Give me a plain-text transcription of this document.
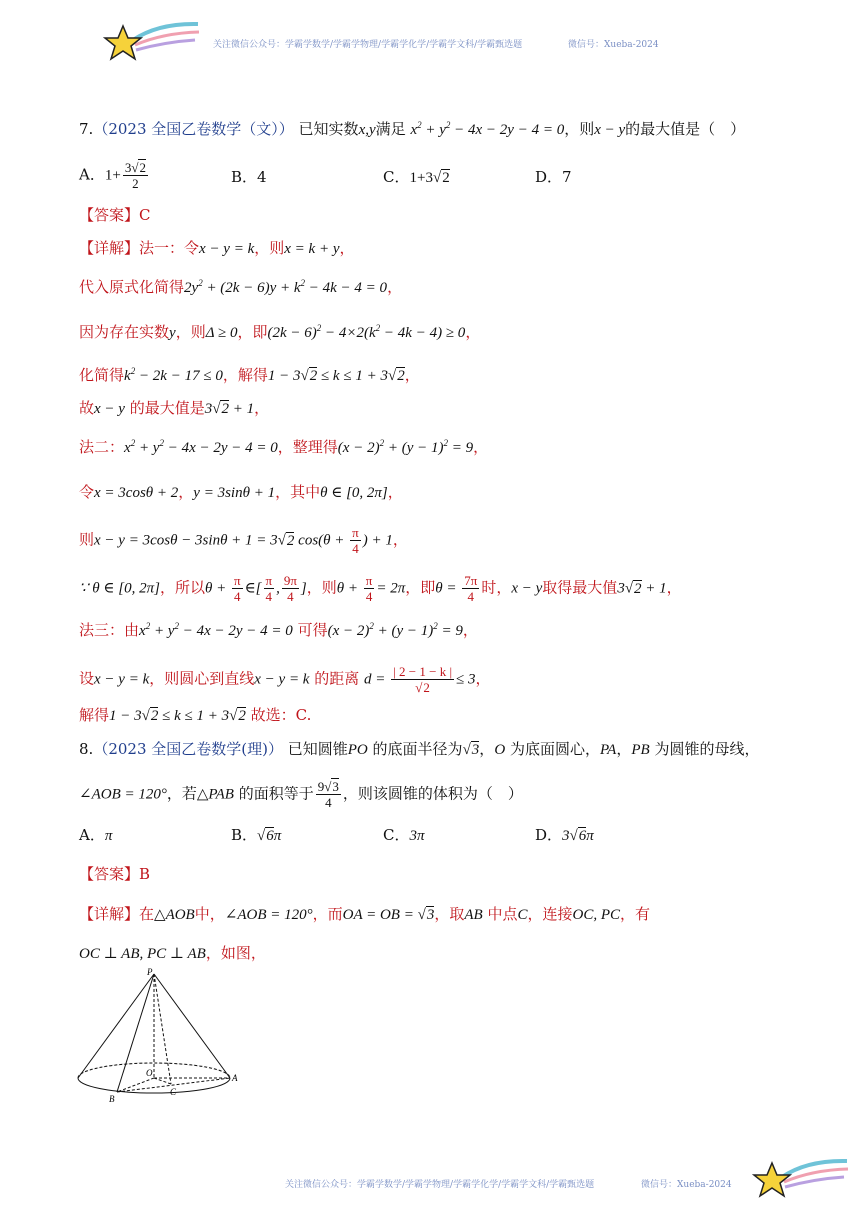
关注微信公众号：学霸学数学/学霸学物理/学霸学化学/学霸学文科/学霸甄选题	微信号：Xueba-2024
7.（2023 全国乙卷数学（文）） 已知实数x,y满足 $x^2 + y^2 - 4x - 2y - 4 = 0$，则x − y的最大值是（　）
A．$1+ \frac{3√2}{2}$	B．4	C．1+3√2	D．7
【答案】C
【详解】法一：令x − y = k，则x = k + y，
代入原式化简得$2y^2 + (2k - 6)y + k^2 - 4k - 4 = 0$，
因为存在实数y，则Δ ≥ 0，即$(2k - 6)^2 - 4\times 2(k^2 - 4k - 4) \ge 0$，
化简得$k^2 - 2k - 17 \le 0$，解得1 − 3√2 ≤ k ≤ 1 + 3√2，
故x − y 的最大值是3√2 + 1，
法二：$x^2 + y^2 - 4x - 2y - 4 = 0$，整理得$(x - 2)^2 + (y - 1)^2 = 9$，
令x = 3cosθ + 2，y = 3sinθ + 1，其中θ ∈ [0, 2π]，
则x − y = 3cosθ − 3sinθ + 1 = 3√2 $\cos(\theta + \frac{\pi}{4}$ ) + 1，
∵ θ ∈ [0, 2π]，所以$\theta + \frac{\pi}{4}$ ∈[ $\frac{\pi}{4}$ , $\frac{9\pi}{4}$ ]，则$\theta + \frac{\pi}{4} = 2\pi$，即$\theta = \frac{7\pi}{4}$ 时，x − y取得最大值3√2 + 1，
法三：由$x^2 + y^2 - 4x - 2y - 4 = 0$ 可得$(x - 2)^2 + (y - 1)^2 = 9$，
设x − y = k，则圆心到直线x − y = k 的距离 $d = \frac{| 2 - 1 - k |}{√2} \le 3$，
解得1 − 3√2 ≤ k ≤ 1 + 3√2 故选：C.
8.（2023 全国乙卷数学(理)） 已知圆锥PO 的底面半径为√3，O 为底面圆心，PA，PB 为圆锥的母线，
∠AOB = 120°，若△PAB 的面积等于 $\frac{9√3}{4}$ ，则该圆锥的体积为（　）
A．π	B．√6π	C．3π	D．3√6π
【答案】B
【详解】在△AOB中，∠AOB = 120°，而OA = OB = √3，取AB 中点C，连接OC, PC，有
OC ⊥ AB, PC ⊥ AB，如图，
P
O	A
B
C
关注微信公众号：学霸学数学/学霸学物理/学霸学化学/学霸学文科/学霸甄选题	微信号：Xueba-2024
